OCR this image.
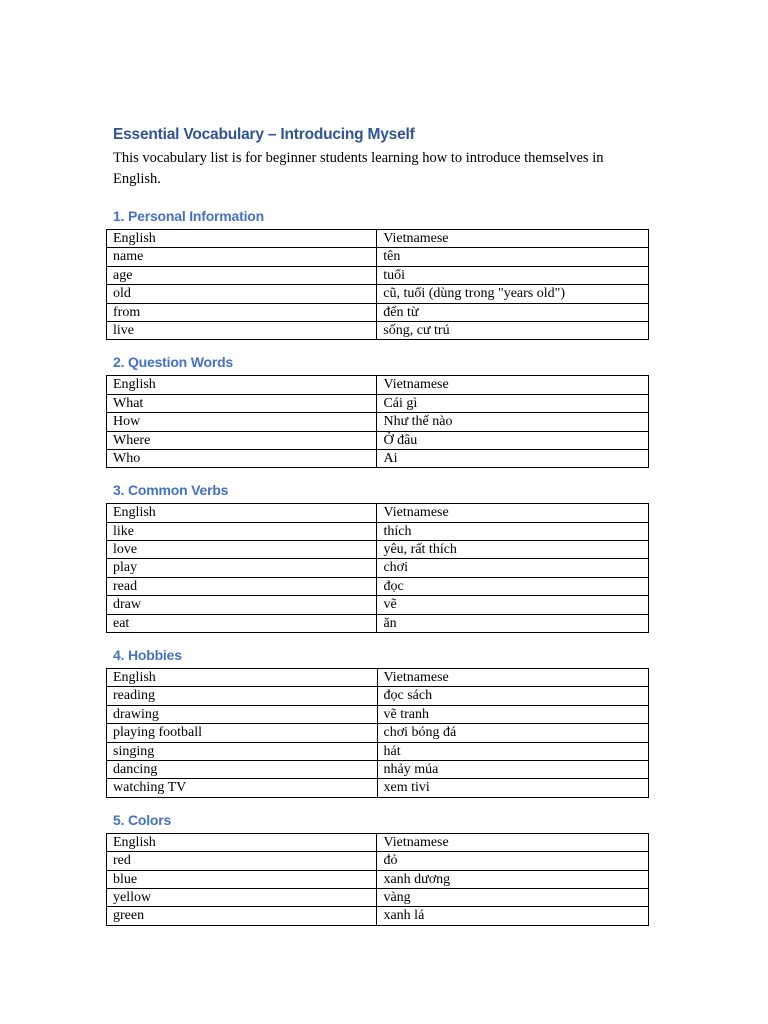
Essential Vocabulary – Introducing Myself

This vocabulary list is for beginner students learning how to introduce themselves in English.

1. Personal Information
English	Vietnamese
name	tên
age	tuổi
old	cũ, tuổi (dùng trong "years old")
from	đến từ
live	sống, cư trú
2. Question Words
English	Vietnamese
What	Cái gì
How	Như thế nào
Where	Ở đâu
Who	Ai
3. Common Verbs
English	Vietnamese
like	thích
love	yêu, rất thích
play	chơi
read	đọc
draw	vẽ
eat	ăn
4. Hobbies
English	Vietnamese
reading	đọc sách
drawing	vẽ tranh
playing football	chơi bóng đá
singing	hát
dancing	nhảy múa
watching TV	xem tivi
5. Colors
English	Vietnamese
red	đỏ
blue	xanh dương
yellow	vàng
green	xanh lá
